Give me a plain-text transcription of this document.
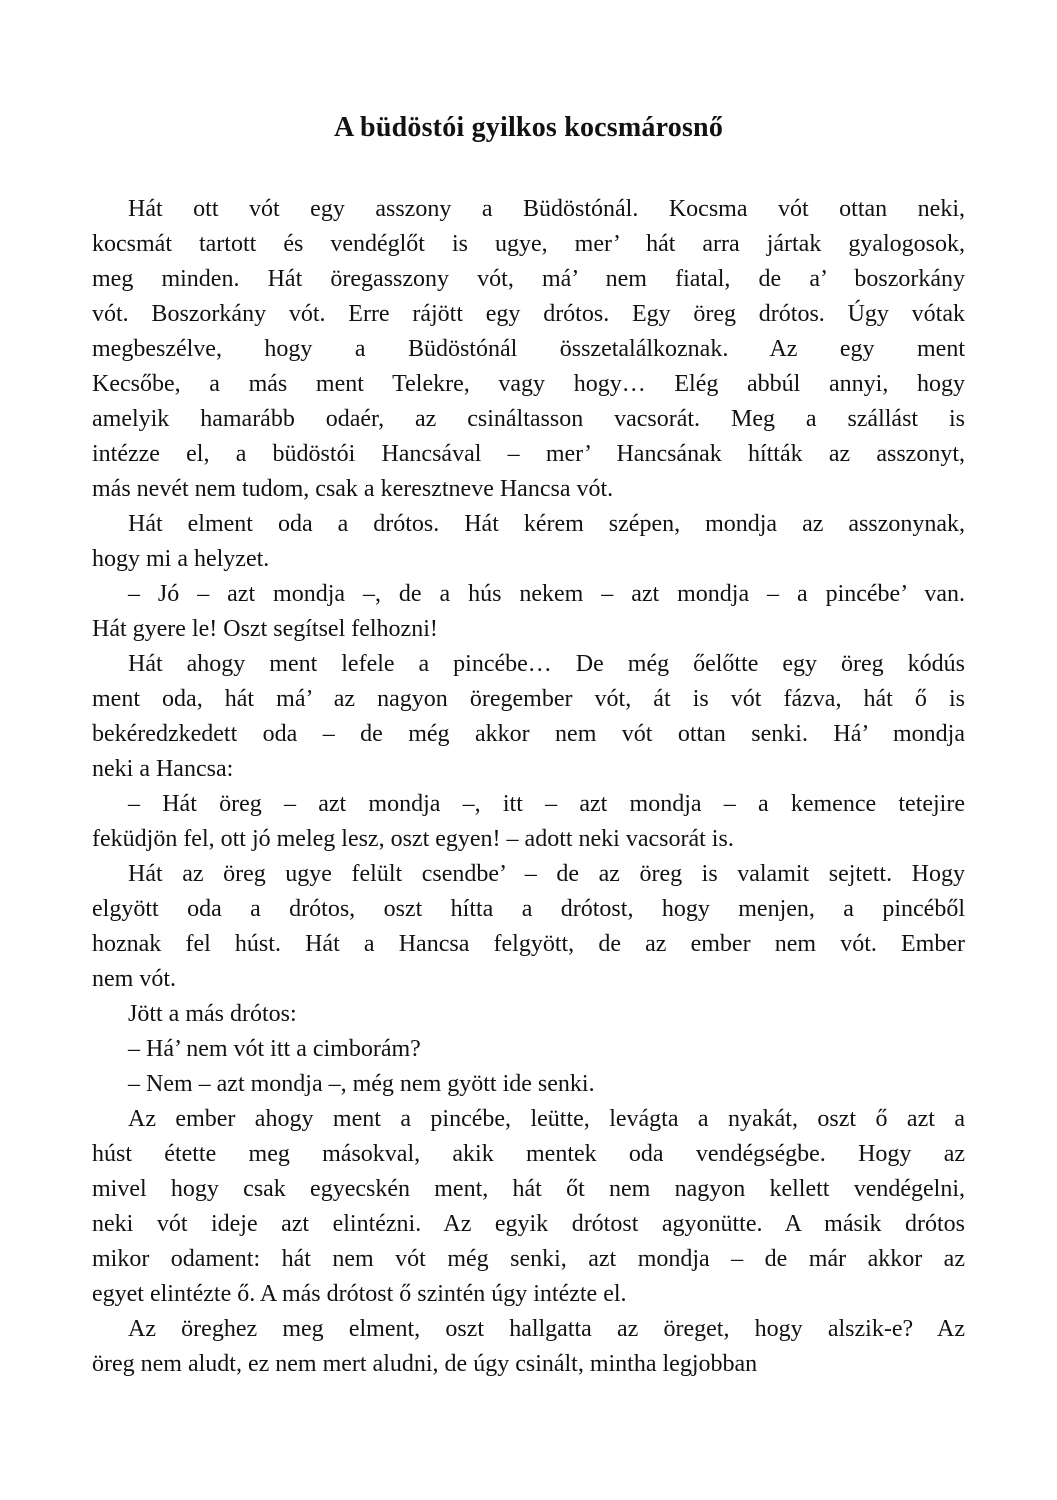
A büdöstói gyilkos kocsmárosnő
Hát ott vót egy asszony a Büdöstónál. Kocsma vót ottan neki,
kocsmát tartott és vendéglőt is ugye, mer’ hát arra jártak gyalogosok,
meg minden. Hát öregasszony vót, má’ nem fiatal, de a’ boszorkány
vót. Boszorkány vót. Erre rájött egy drótos. Egy öreg drótos. Úgy vótak
megbeszélve, hogy a Büdöstónál összetalálkoznak. Az egy ment
Kecsőbe, a más ment Telekre, vagy hogy… Elég abbúl annyi, hogy
amelyik hamarább odaér, az csináltasson vacsorát. Meg a szállást is
intézze el, a büdöstói Hancsával – mer’ Hancsának hítták az asszonyt,
más nevét nem tudom, csak a keresztneve Hancsa vót.
Hát elment oda a drótos. Hát kérem szépen, mondja az asszonynak,
hogy mi a helyzet.
– Jó – azt mondja –, de a hús nekem – azt mondja – a pincébe’ van.
Hát gyere le! Oszt segítsel felhozni!
Hát ahogy ment lefele a pincébe… De még őelőtte egy öreg kódús
ment oda, hát má’ az nagyon öregember vót, át is vót fázva, hát ő is
bekéredzkedett oda – de még akkor nem vót ottan senki. Há’ mondja
neki a Hancsa:
– Hát öreg – azt mondja –, itt – azt mondja – a kemence tetejire
feküdjön fel, ott jó meleg lesz, oszt egyen! – adott neki vacsorát is.
Hát az öreg ugye felült csendbe’ – de az öreg is valamit sejtett. Hogy
elgyött oda a drótos, oszt hítta a drótost, hogy menjen, a pincéből
hoznak fel húst. Hát a Hancsa felgyött, de az ember nem vót. Ember
nem vót.
Jött a más drótos:
– Há’ nem vót itt a cimborám?
– Nem – azt mondja –, még nem gyött ide senki.
Az ember ahogy ment a pincébe, leütte, levágta a nyakát, oszt ő azt a
húst étette meg másokval, akik mentek oda vendégségbe. Hogy az
mivel hogy csak egyecskén ment, hát őt nem nagyon kellett vendégelni,
neki vót ideje azt elintézni. Az egyik drótost agyonütte. A másik drótos
mikor odament: hát nem vót még senki, azt mondja – de már akkor az
egyet elintézte ő. A más drótost ő szintén úgy intézte el.
Az öreghez meg elment, oszt hallgatta az öreget, hogy alszik-e? Az
öreg nem aludt, ez nem mert aludni, de úgy csinált, mintha legjobban
